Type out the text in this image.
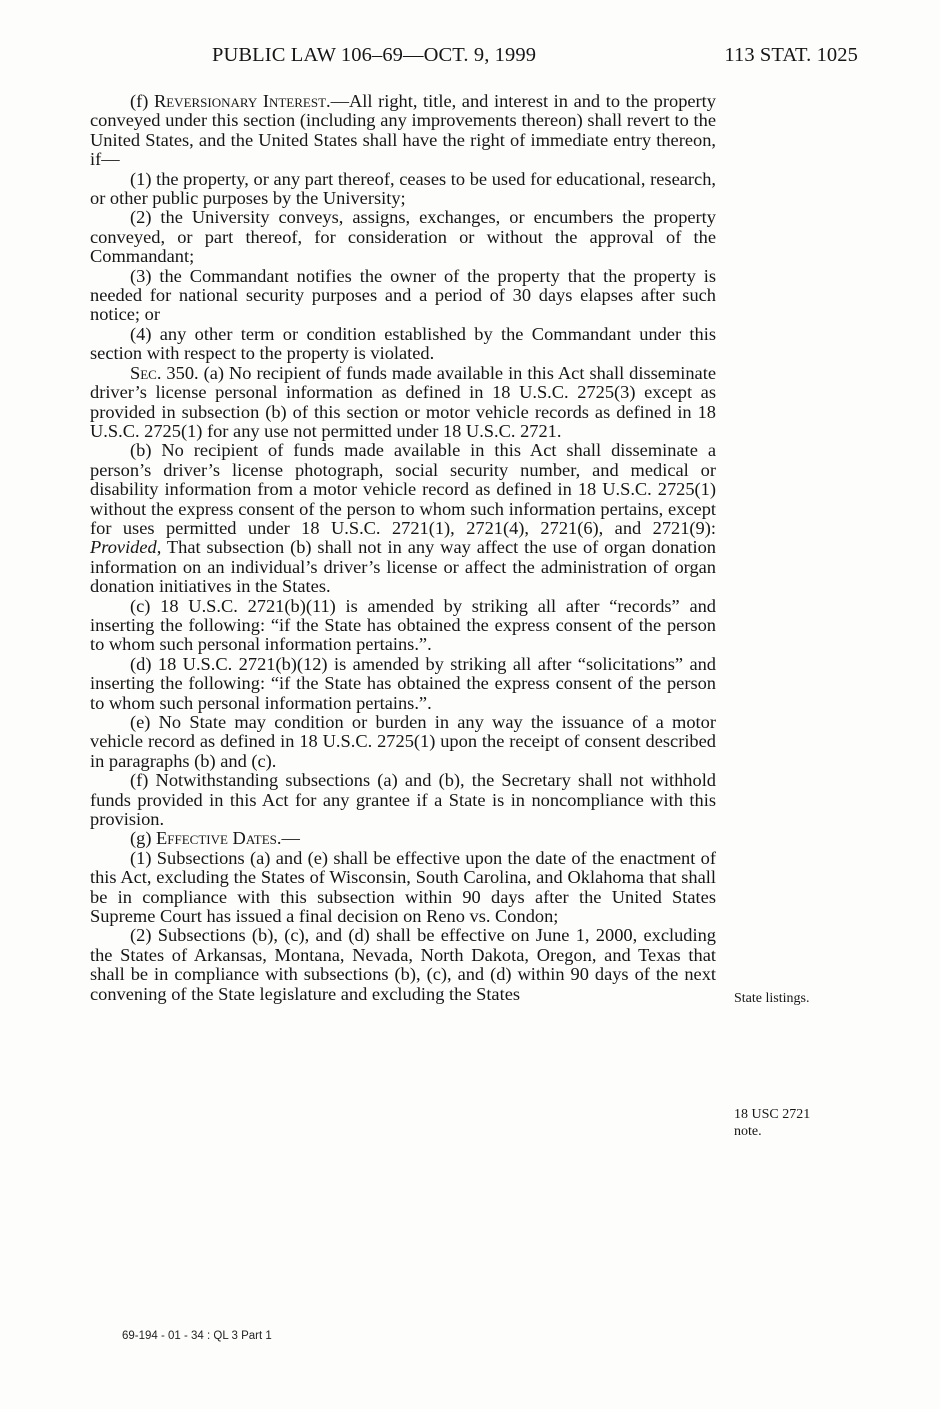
PUBLIC LAW 106–69—OCT. 9, 1999	113 STAT. 1025

(f) Reversionary Interest.—All right, title, and interest in and to the property conveyed under this section (including any improvements thereon) shall revert to the United States, and the United States shall have the right of immediate entry thereon, if—

(1) the property, or any part thereof, ceases to be used for educational, research, or other public purposes by the University;

(2) the University conveys, assigns, exchanges, or encumbers the property conveyed, or part thereof, for consideration or without the approval of the Commandant;

(3) the Commandant notifies the owner of the property that the property is needed for national security purposes and a period of 30 days elapses after such notice; or

(4) any other term or condition established by the Commandant under this section with respect to the property is violated.

Sec. 350. (a) No recipient of funds made available in this Act shall disseminate driver’s license personal information as defined in 18 U.S.C. 2725(3) except as provided in subsection (b) of this section or motor vehicle records as defined in 18 U.S.C. 2725(1) for any use not permitted under 18 U.S.C. 2721.

(b) No recipient of funds made available in this Act shall disseminate a person’s driver’s license photograph, social security number, and medical or disability information from a motor vehicle record as defined in 18 U.S.C. 2725(1) without the express consent of the person to whom such information pertains, except for uses permitted under 18 U.S.C. 2721(1), 2721(4), 2721(6), and 2721(9): Provided, That subsection (b) shall not in any way affect the use of organ donation information on an individual’s driver’s license or affect the administration of organ donation initiatives in the States.

(c) 18 U.S.C. 2721(b)(11) is amended by striking all after “records” and inserting the following: “if the State has obtained the express consent of the person to whom such personal information pertains.”.

(d) 18 U.S.C. 2721(b)(12) is amended by striking all after “solicitations” and inserting the following: “if the State has obtained the express consent of the person to whom such personal information pertains.”.

(e) No State may condition or burden in any way the issuance of a motor vehicle record as defined in 18 U.S.C. 2725(1) upon the receipt of consent described in paragraphs (b) and (c).

(f) Notwithstanding subsections (a) and (b), the Secretary shall not withhold funds provided in this Act for any grantee if a State is in noncompliance with this provision.

(g) Effective Dates.—

(1) Subsections (a) and (e) shall be effective upon the date of the enactment of this Act, excluding the States of Wisconsin, South Carolina, and Oklahoma that shall be in compliance with this subsection within 90 days after the United States Supreme Court has issued a final decision on Reno vs. Condon;

(2) Subsections (b), (c), and (d) shall be effective on June 1, 2000, excluding the States of Arkansas, Montana, Nevada, North Dakota, Oregon, and Texas that shall be in compliance with subsections (b), (c), and (d) within 90 days of the next convening of the State legislature and excluding the States	State listings.
18 USC 2721
note.
69-194 - 01 - 34 : QL 3 Part 1
